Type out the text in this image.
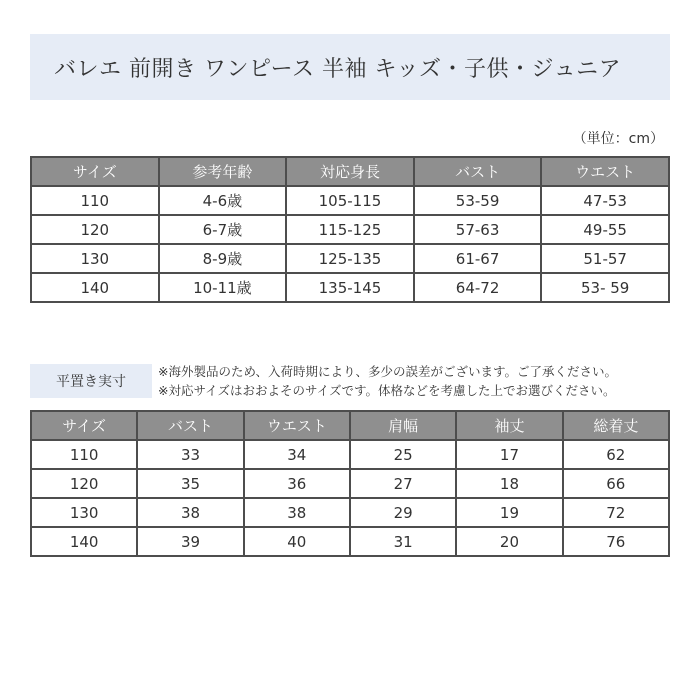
バレエ 前開き ワンピース 半袖 キッズ・子供・ジュニア
（単位：cm）
サイズ	参考年齢	対応身長	バスト	ウエスト
110	4-6歳	105-115	53-59	47-53
120	6-7歳	115-125	57-63	49-55
130	8-9歳	125-135	61-67	51-57
140	10-11歳	135-145	64-72	53- 59
平置き実寸
※海外製品のため、入荷時期により、多少の誤差がございます。ご了承ください。
※対応サイズはおおよそのサイズです。体格などを考慮した上でお選びください。
サイズ	バスト	ウエスト	肩幅	袖丈	総着丈
110	33	34	25	17	62
120	35	36	27	18	66
130	38	38	29	19	72
140	39	40	31	20	76
